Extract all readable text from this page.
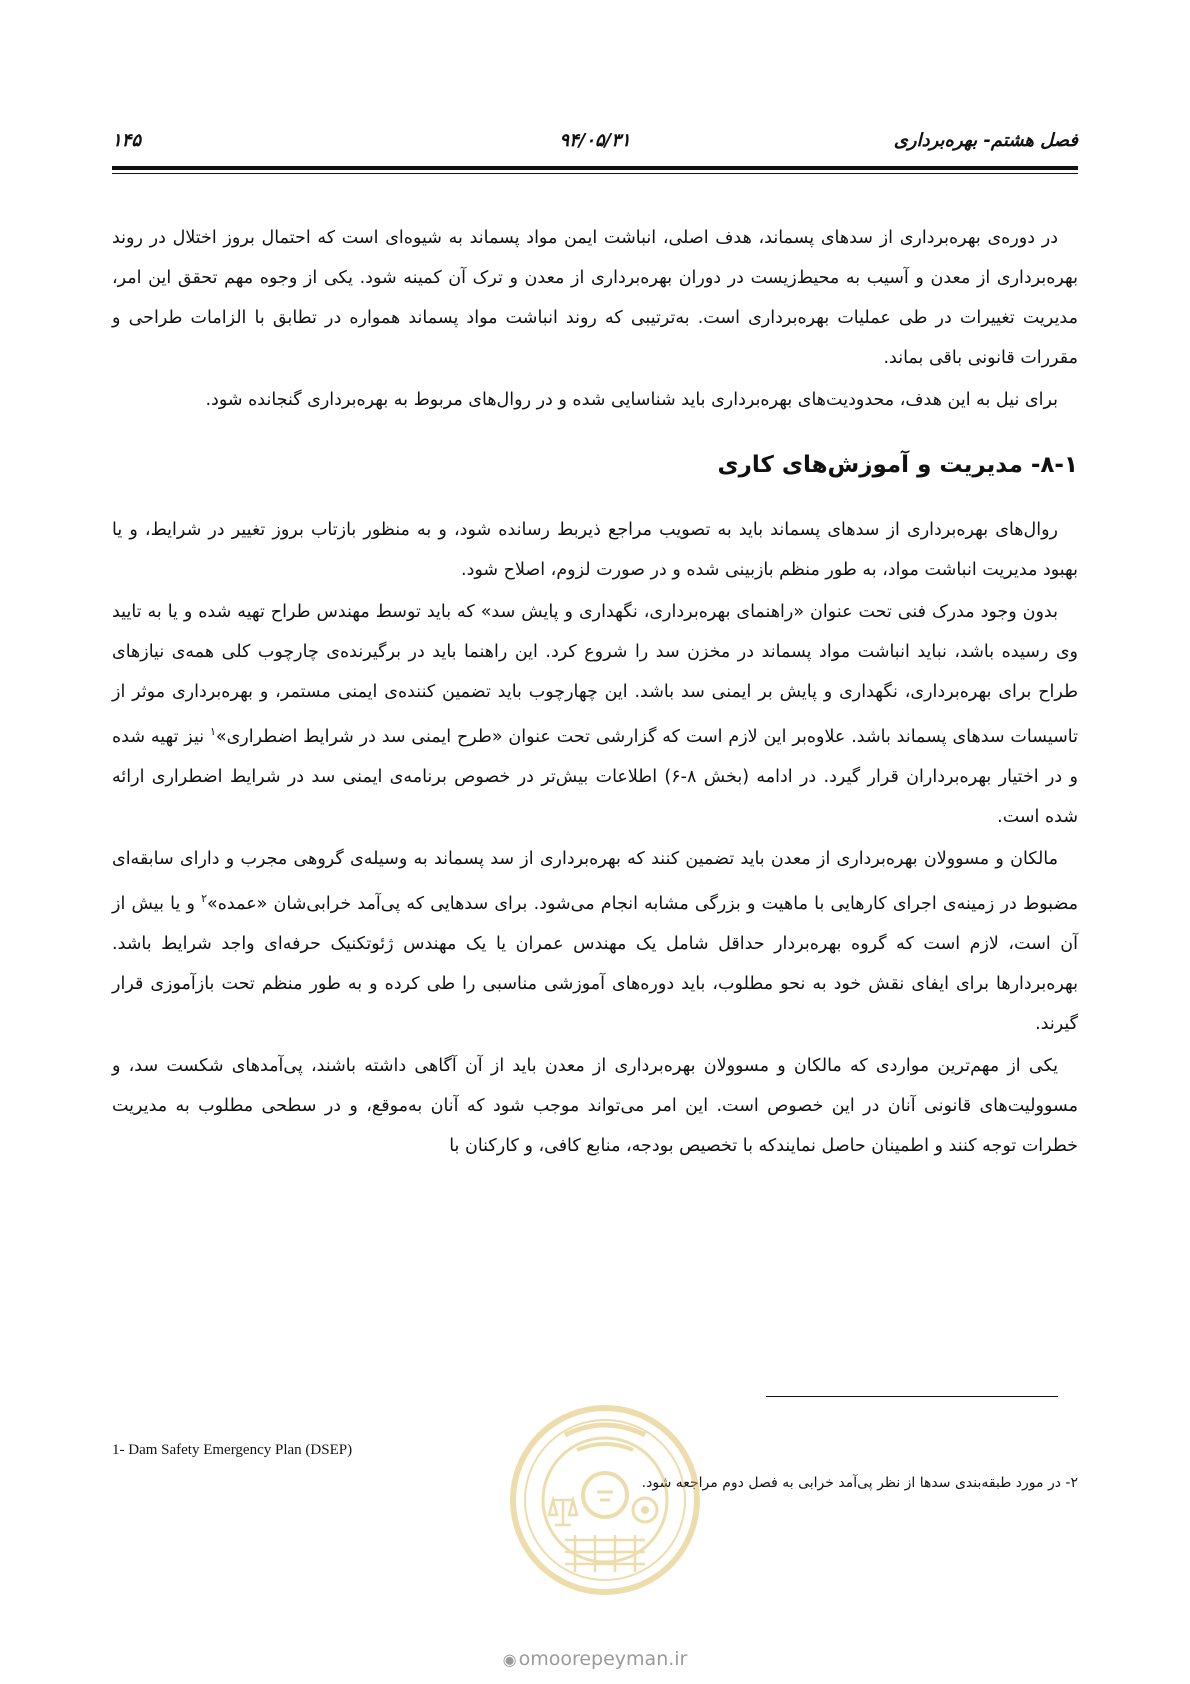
فصل هشتم- بهره‌برداری
۹۴/۰۵/۳۱
۱۴۵

در دوره‌ی بهره‌برداری از سدهای پسماند، هدف اصلی، انباشت ایمن مواد پسماند به شیوه‌ای است که احتمال بروز اختلال در روند بهره‌برداری از معدن و آسیب به محیط‌زیست در دوران بهره‌برداری از معدن و ترک آن کمینه شود. یکی از وجوه مهم تحقق این امر، مدیریت تغییرات در طی عملیات بهره‌برداری است. به‌ترتیبی که روند انباشت مواد پسماند همواره در تطابق با الزامات طراحی و مقررات قانونی باقی بماند.

برای نیل به این هدف، محدودیت‌های بهره‌برداری باید شناسایی شده و در روال‌های مربوط به بهره‌برداری گنجانده شود.

۸-۱- مدیریت و آموزش‌های کاری

روال‌های بهره‌برداری از سدهای پسماند باید به تصویب مراجع ذیربط رسانده شود، و به منظور بازتاب بروز تغییر در شرایط، و یا بهبود مدیریت انباشت مواد، به طور منظم بازبینی شده و در صورت لزوم، اصلاح شود.

بدون وجود مدرک فنی تحت عنوان «راهنمای بهره‌برداری، نگهداری و پایش سد» که باید توسط مهندس طراح تهیه شده و یا به تایید وی رسیده باشد، نباید انباشت مواد پسماند در مخزن سد را شروع کرد. این راهنما باید در برگیرنده‌ی چارچوب کلی همه‌ی نیازهای طراح برای بهره‌برداری، نگهداری و پایش بر ایمنی سد باشد. این چهارچوب باید تضمین کننده‌ی ایمنی مستمر، و بهره‌برداری موثر از تاسیسات سدهای پسماند باشد. علاوه‌بر این لازم است که گزارشی تحت عنوان «طرح ایمنی سد در شرایط اضطراری»$^۱$ نیز تهیه شده و در اختیار بهره‌برداران قرار گیرد. در ادامه (بخش ۸-۶) اطلاعات بیش‌تر در خصوص برنامه‌ی ایمنی سد در شرایط اضطراری ارائه شده است.

مالکان و مسوولان بهره‌برداری از معدن باید تضمین کنند که بهره‌برداری از سد پسماند به وسیله‌ی گروهی مجرب و دارای سابقه‌ای مضبوط در زمینه‌ی اجرای کارهایی با ماهیت و بزرگی مشابه انجام می‌شود. برای سدهایی که پی‌آمد خرابی‌شان «عمده»$^۲$ و یا بیش از آن است، لازم است که گروه بهره‌بردار حداقل شامل یک مهندس عمران یا یک مهندس ژئوتکنیک حرفه‌ای واجد شرایط باشد. بهره‌بردارها برای ایفای نقش خود به نحو مطلوب، باید دوره‌های آموزشی مناسبی را طی کرده و به طور منظم تحت بازآموزی قرار گیرند.

یکی از مهم‌ترین مواردی که مالکان و مسوولان بهره‌برداری از معدن باید از آن آگاهی داشته باشند، پی‌آمدهای شکست سد، و مسوولیت‌های قانونی آنان در این خصوص است. این امر می‌تواند موجب شود که آنان به‌موقع، و در سطحی مطلوب به مدیریت خطرات توجه کنند و اطمینان حاصل نمایندکه با تخصیص بودجه، منابع کافی، و کارکنان با

1- Dam Safety Emergency Plan (DSEP)
۲- در مورد طبقه‌بندی سدها از نظر پی‌آمد خرابی به فصل دوم مراجعه شود.
◉ omoorepeyman.ir
